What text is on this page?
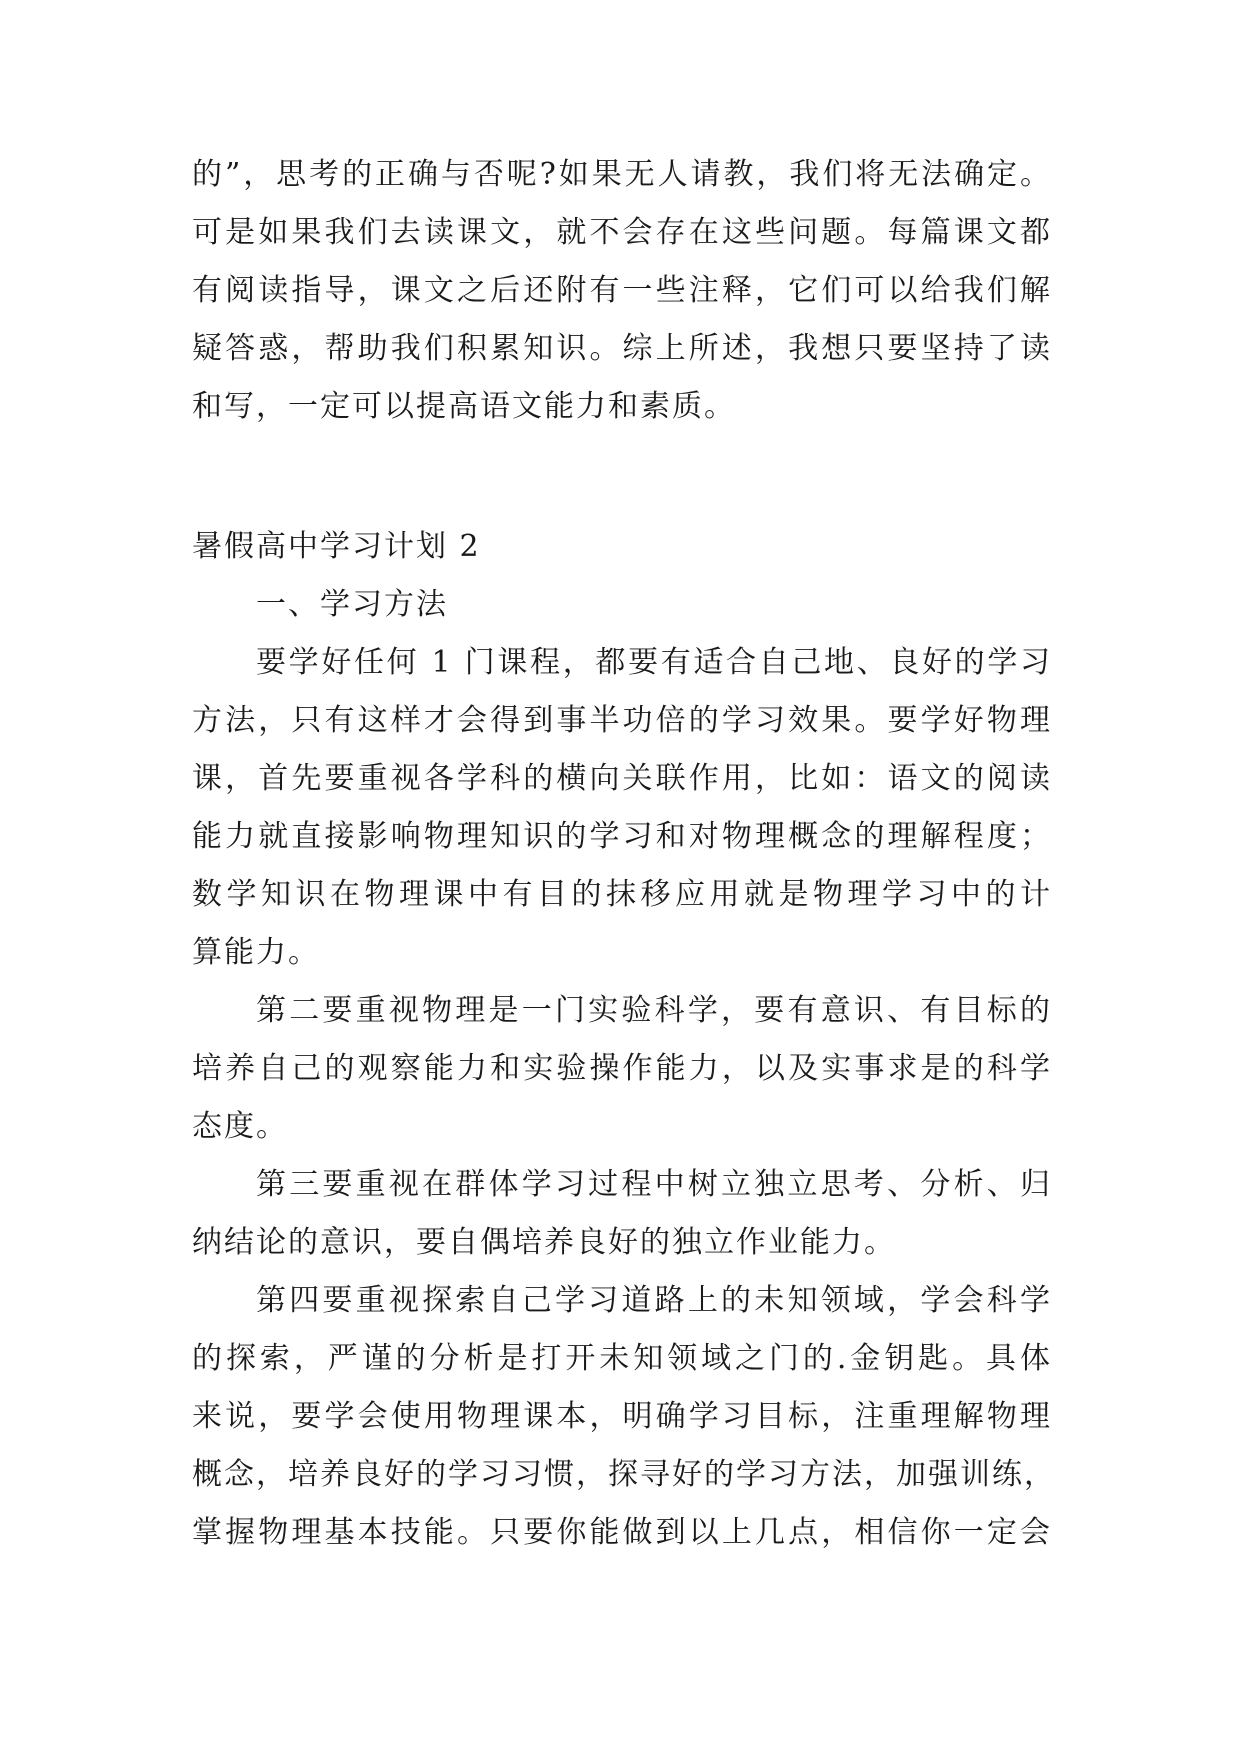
的”，思考的正确与否呢?如果无人请教，我们将无法确定。
可是如果我们去读课文，就不会存在这些问题。每篇课文都
有阅读指导，课文之后还附有一些注释，它们可以给我们解
疑答惑，帮助我们积累知识。综上所述，我想只要坚持了读
和写，一定可以提高语文能力和素质。
暑假高中学习计划 2
一、学习方法
要学好任何 1 门课程，都要有适合自己地、良好的学习
方法，只有这样才会得到事半功倍的学习效果。要学好物理
课，首先要重视各学科的横向关联作用，比如：语文的阅读
能力就直接影响物理知识的学习和对物理概念的理解程度；
数学知识在物理课中有目的抹移应用就是物理学习中的计
算能力。
第二要重视物理是一门实验科学，要有意识、有目标的
培养自己的观察能力和实验操作能力，以及实事求是的科学
态度。
第三要重视在群体学习过程中树立独立思考、分析、归
纳结论的意识，要自偶培养良好的独立作业能力。
第四要重视探索自己学习道路上的未知领域，学会科学
的探索，严谨的分析是打开未知领域之门的.金钥匙。具体
来说，要学会使用物理课本，明确学习目标，注重理解物理
概念，培养良好的学习习惯，探寻好的学习方法，加强训练，
掌握物理基本技能。只要你能做到以上几点，相信你一定会
